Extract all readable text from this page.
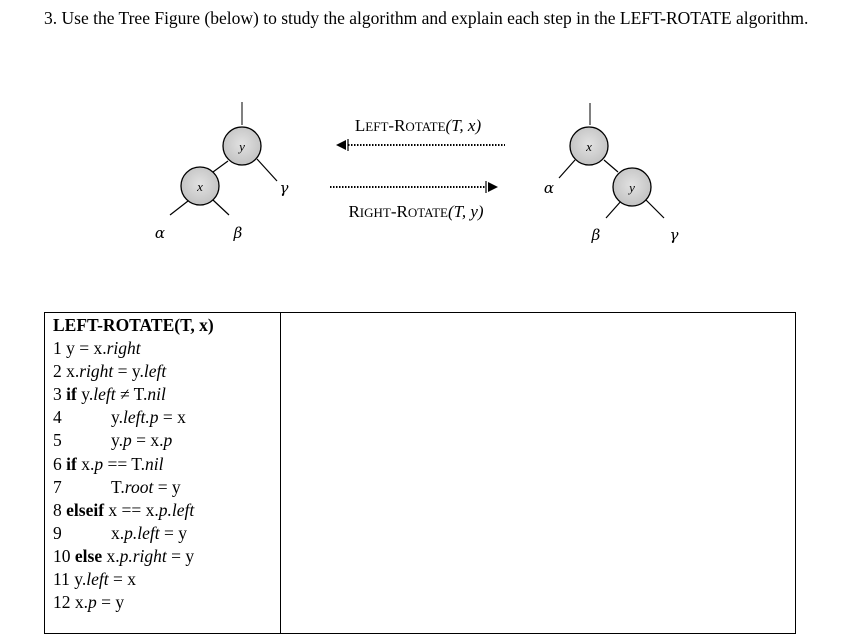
3. Use the Tree Figure (below) to study the algorithm and explain each step in the LEFT-ROTATE algorithm.
y
x
α	β
γ
LEFT-ROTATE(T, x)
RIGHT-ROTATE(T, y)
x
y
α
β	γ
LEFT-ROTATE(T, x)
1 y = x.right
2 x.right = y.left
3 if y.left ≠ T.nil
4	y.left.p = x
5	y.p = x.p
6 if x.p == T.nil
7	T.root = y
8 elseif x == x.p.left
9	x.p.left = y
10 else x.p.right = y
11 y.left = x
12 x.p = y
